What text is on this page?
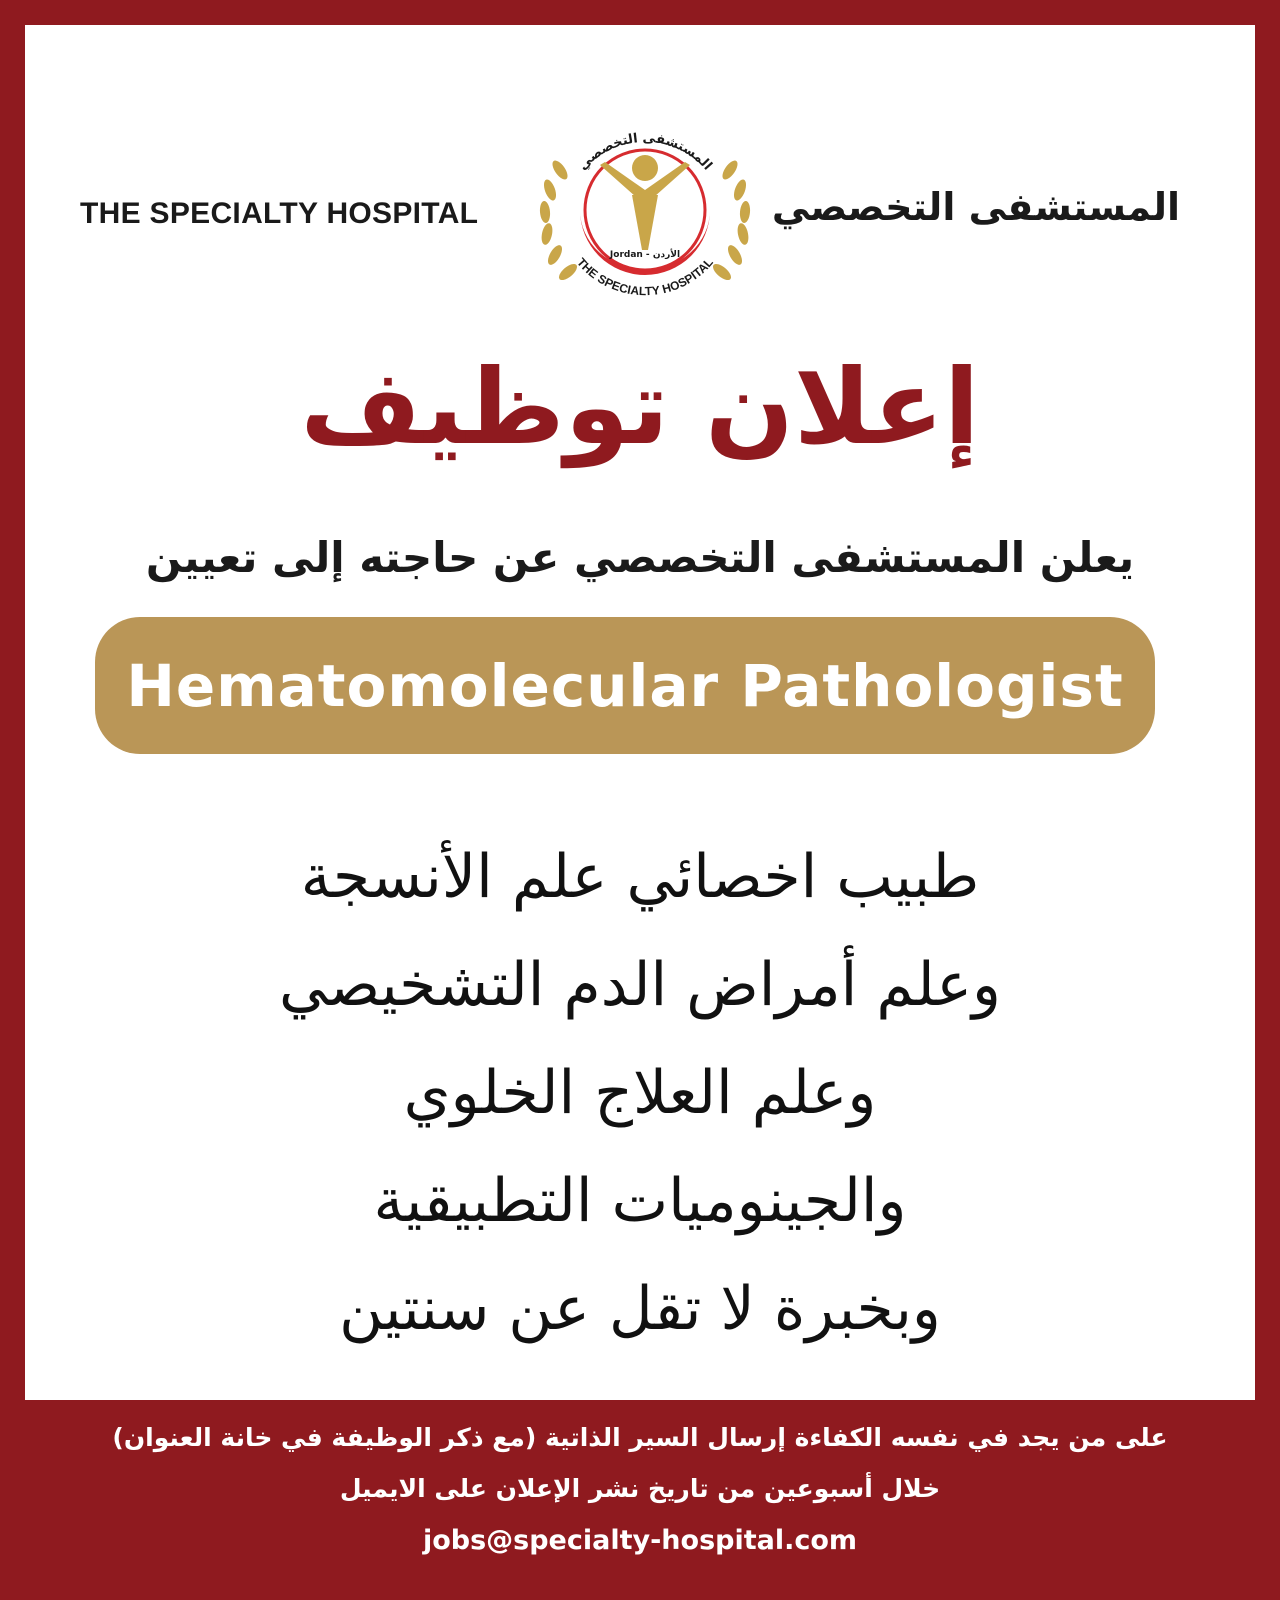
THE SPECIALTY HOSPITAL
المستشفى التخصصي
Jordan - الأردن
THE SPECIALTY HOSPITAL
المستشفى التخصصي
إعلان توظيف
يعلن المستشفى التخصصي عن حاجته إلى تعيين
Hematomolecular Pathologist
طبيب اخصائي علم الأنسجة
وعلم أمراض الدم التشخيصي
وعلم العلاج الخلوي
والجينوميات التطبيقية
وبخبرة لا تقل عن سنتين
على من يجد في نفسه الكفاءة إرسال السير الذاتية (مع ذكر الوظيفة في خانة العنوان)
خلال أسبوعين من تاريخ نشر الإعلان على الايميل
jobs@specialty-hospital.com
